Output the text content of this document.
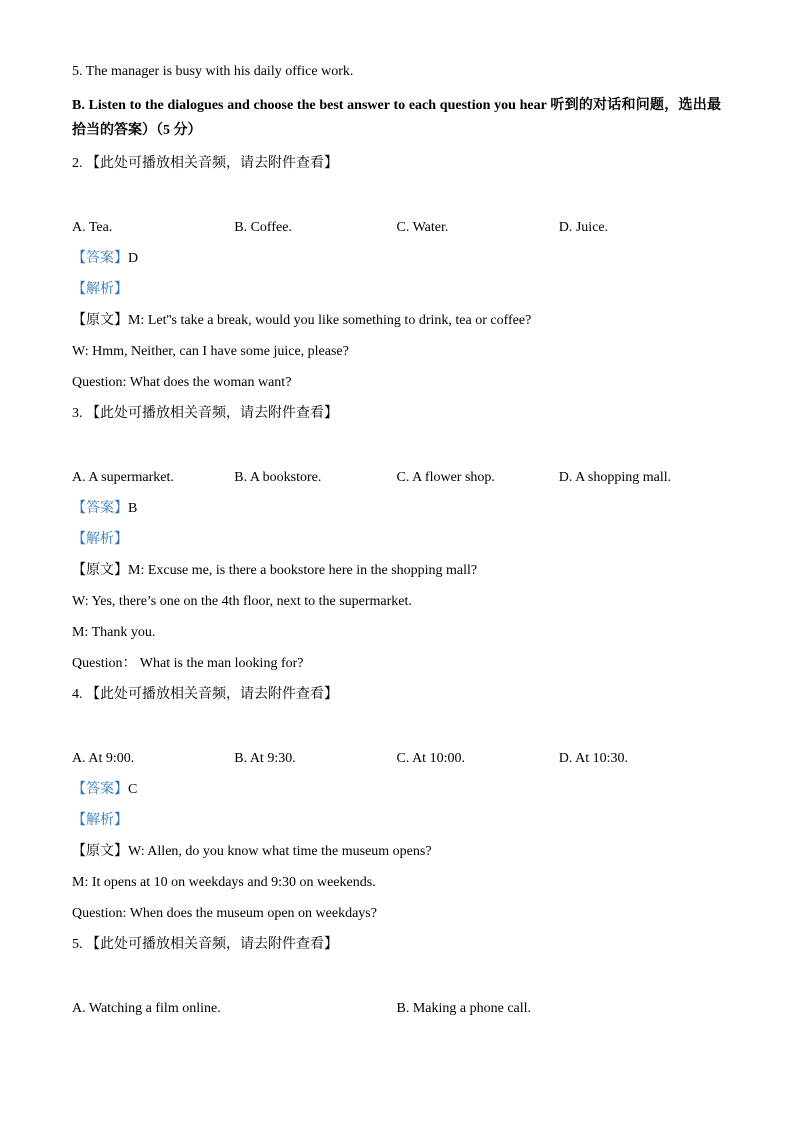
5. The manager is busy with his daily office work.

B. Listen to the dialogues and choose the best answer to each question you hear 听到的对话和问题，选出最拾当的答案）（5 分）

2. 【此处可播放相关音频，请去附件查看】

A. Tea.	B. Coffee.	C. Water.	D. Juice.

【答案】D

【解析】

【原文】M: Let''s take a break, would you like something to drink, tea or coffee?

W: Hmm, Neither, can I have some juice, please?

Question: What does the woman want?

3. 【此处可播放相关音频，请去附件查看】

A. A supermarket.	B. A bookstore.	C. A flower shop.	D. A shopping mall.

【答案】B

【解析】

【原文】M: Excuse me, is there a bookstore here in the shopping mall?

W: Yes, there’s one on the 4th floor, next to the supermarket.

M: Thank you.

Question： What is the man looking for?

4. 【此处可播放相关音频，请去附件查看】

A. At 9:00.	B. At 9:30.	C. At 10:00.	D. At 10:30.

【答案】C

【解析】

【原文】W: Allen, do you know what time the museum opens?

M: It opens at 10 on weekdays and 9:30 on weekends.

Question: When does the museum open on weekdays?

5. 【此处可播放相关音频，请去附件查看】

A. Watching a film online.	B. Making a phone call.
